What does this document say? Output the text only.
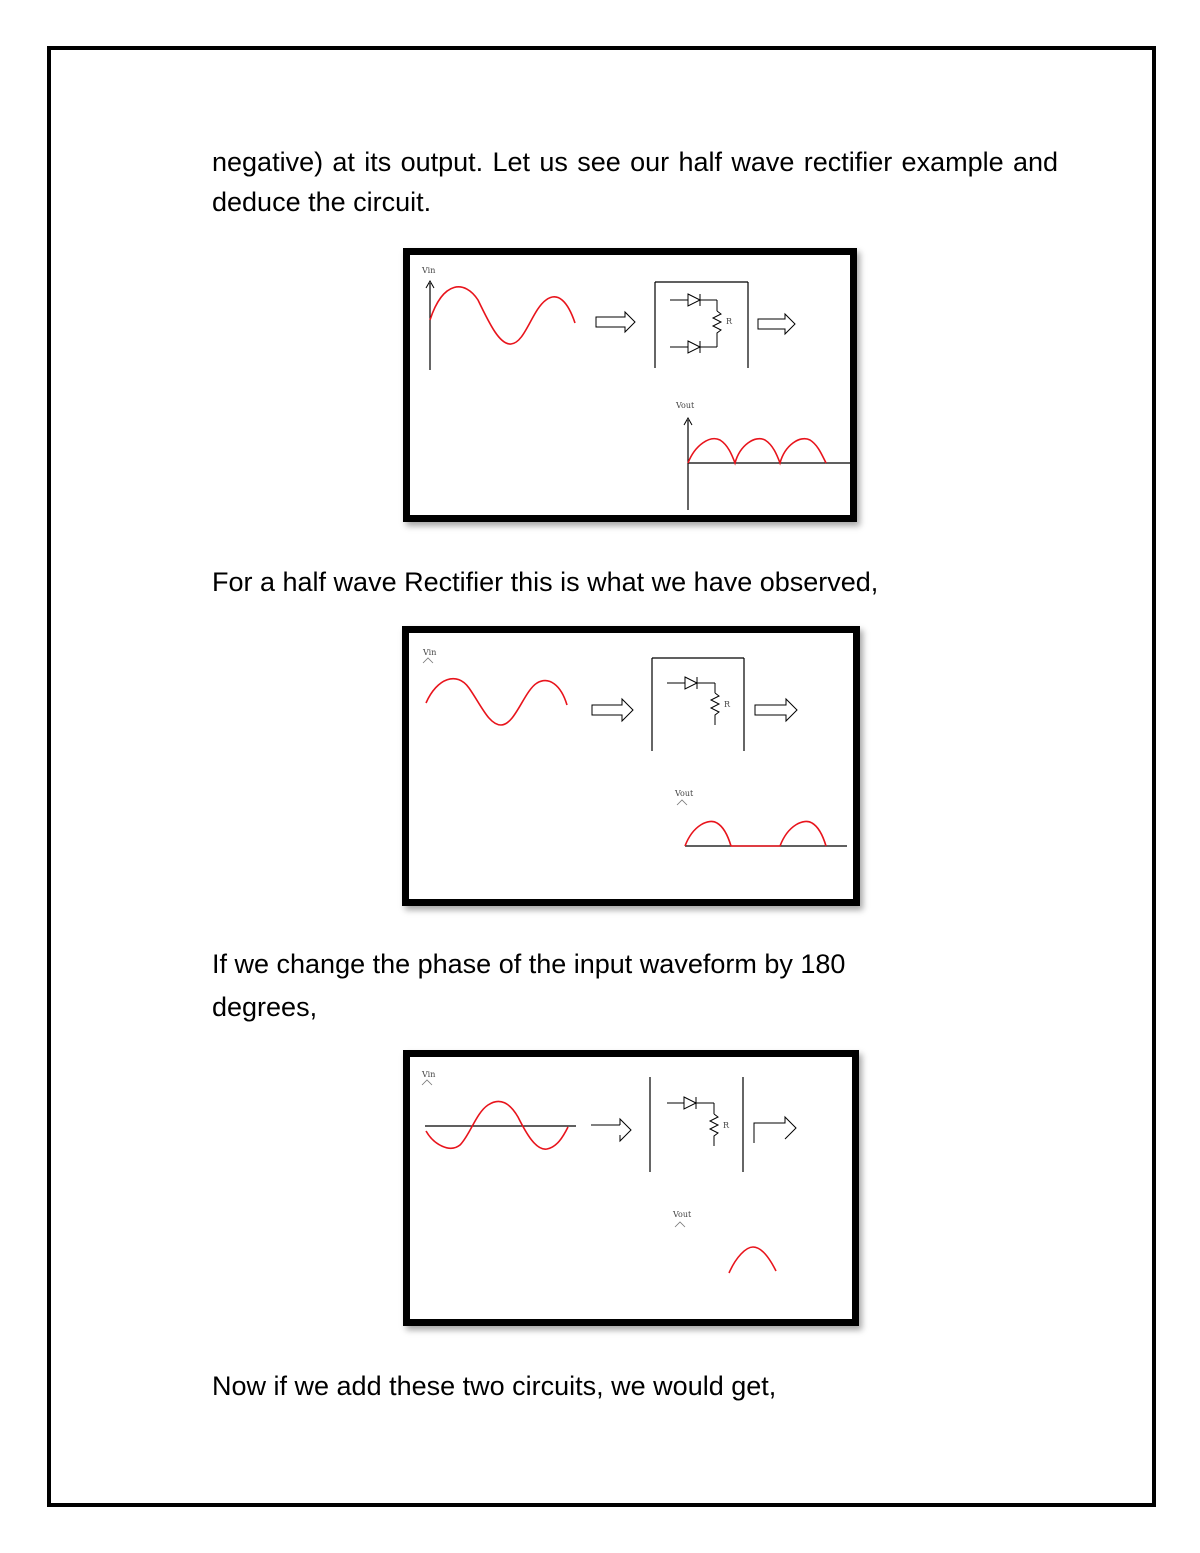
negative) at its output. Let us see our half wave rectifier example and deduce the circuit.

Vin
R
Vout

For a half wave Rectifier this is what we have observed,

Vin
R
Vout

If we change the phase of the input waveform by 180

degrees,

Vin
R
Vout

Now if we add these two circuits, we would get,
